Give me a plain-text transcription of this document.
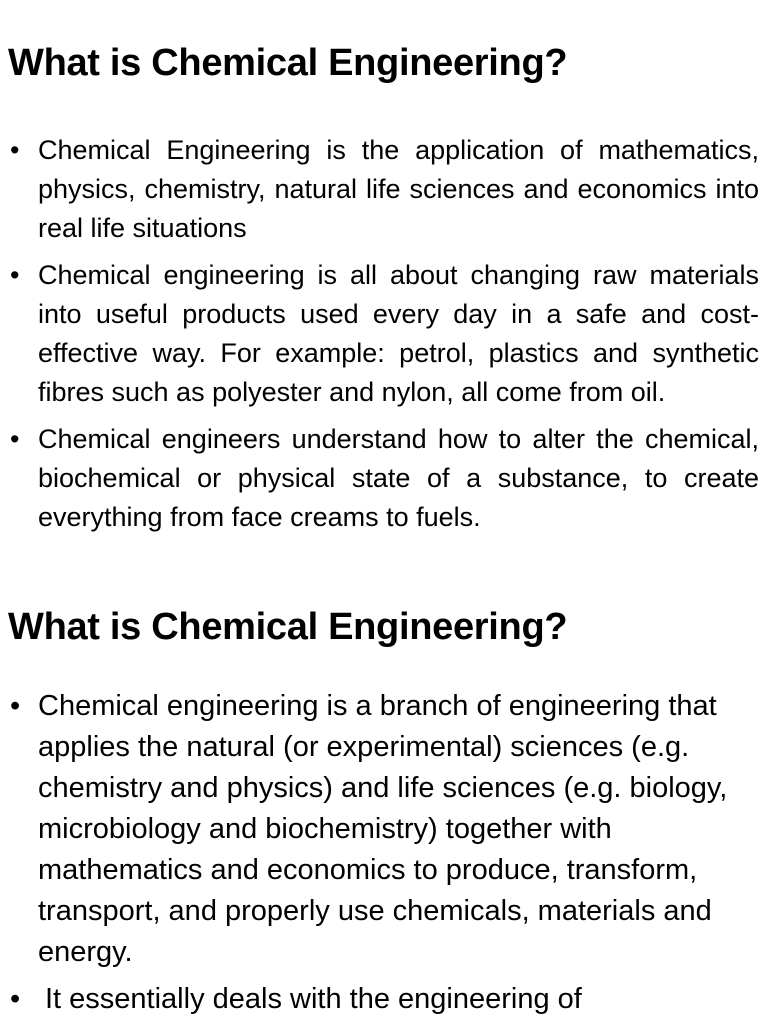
What is Chemical Engineering?
• Chemical Engineering is the application of mathematics, physics, chemistry, natural life sciences and economics into real life situations
• Chemical engineering is all about changing raw materials into useful products used every day in a safe and cost-effective way. For example: petrol, plastics and synthetic fibres such as polyester and nylon, all come from oil.
• Chemical engineers understand how to alter the chemical, biochemical or physical state of a substance, to create everything from face creams to fuels.
What is Chemical Engineering?
• Chemical engineering is a branch of engineering that applies the natural (or experimental) sciences (e.g. chemistry and physics) and life sciences (e.g. biology, microbiology and biochemistry) together with mathematics and economics to produce, transform, transport, and properly use chemicals, materials and energy.
• It essentially deals with the engineering of
